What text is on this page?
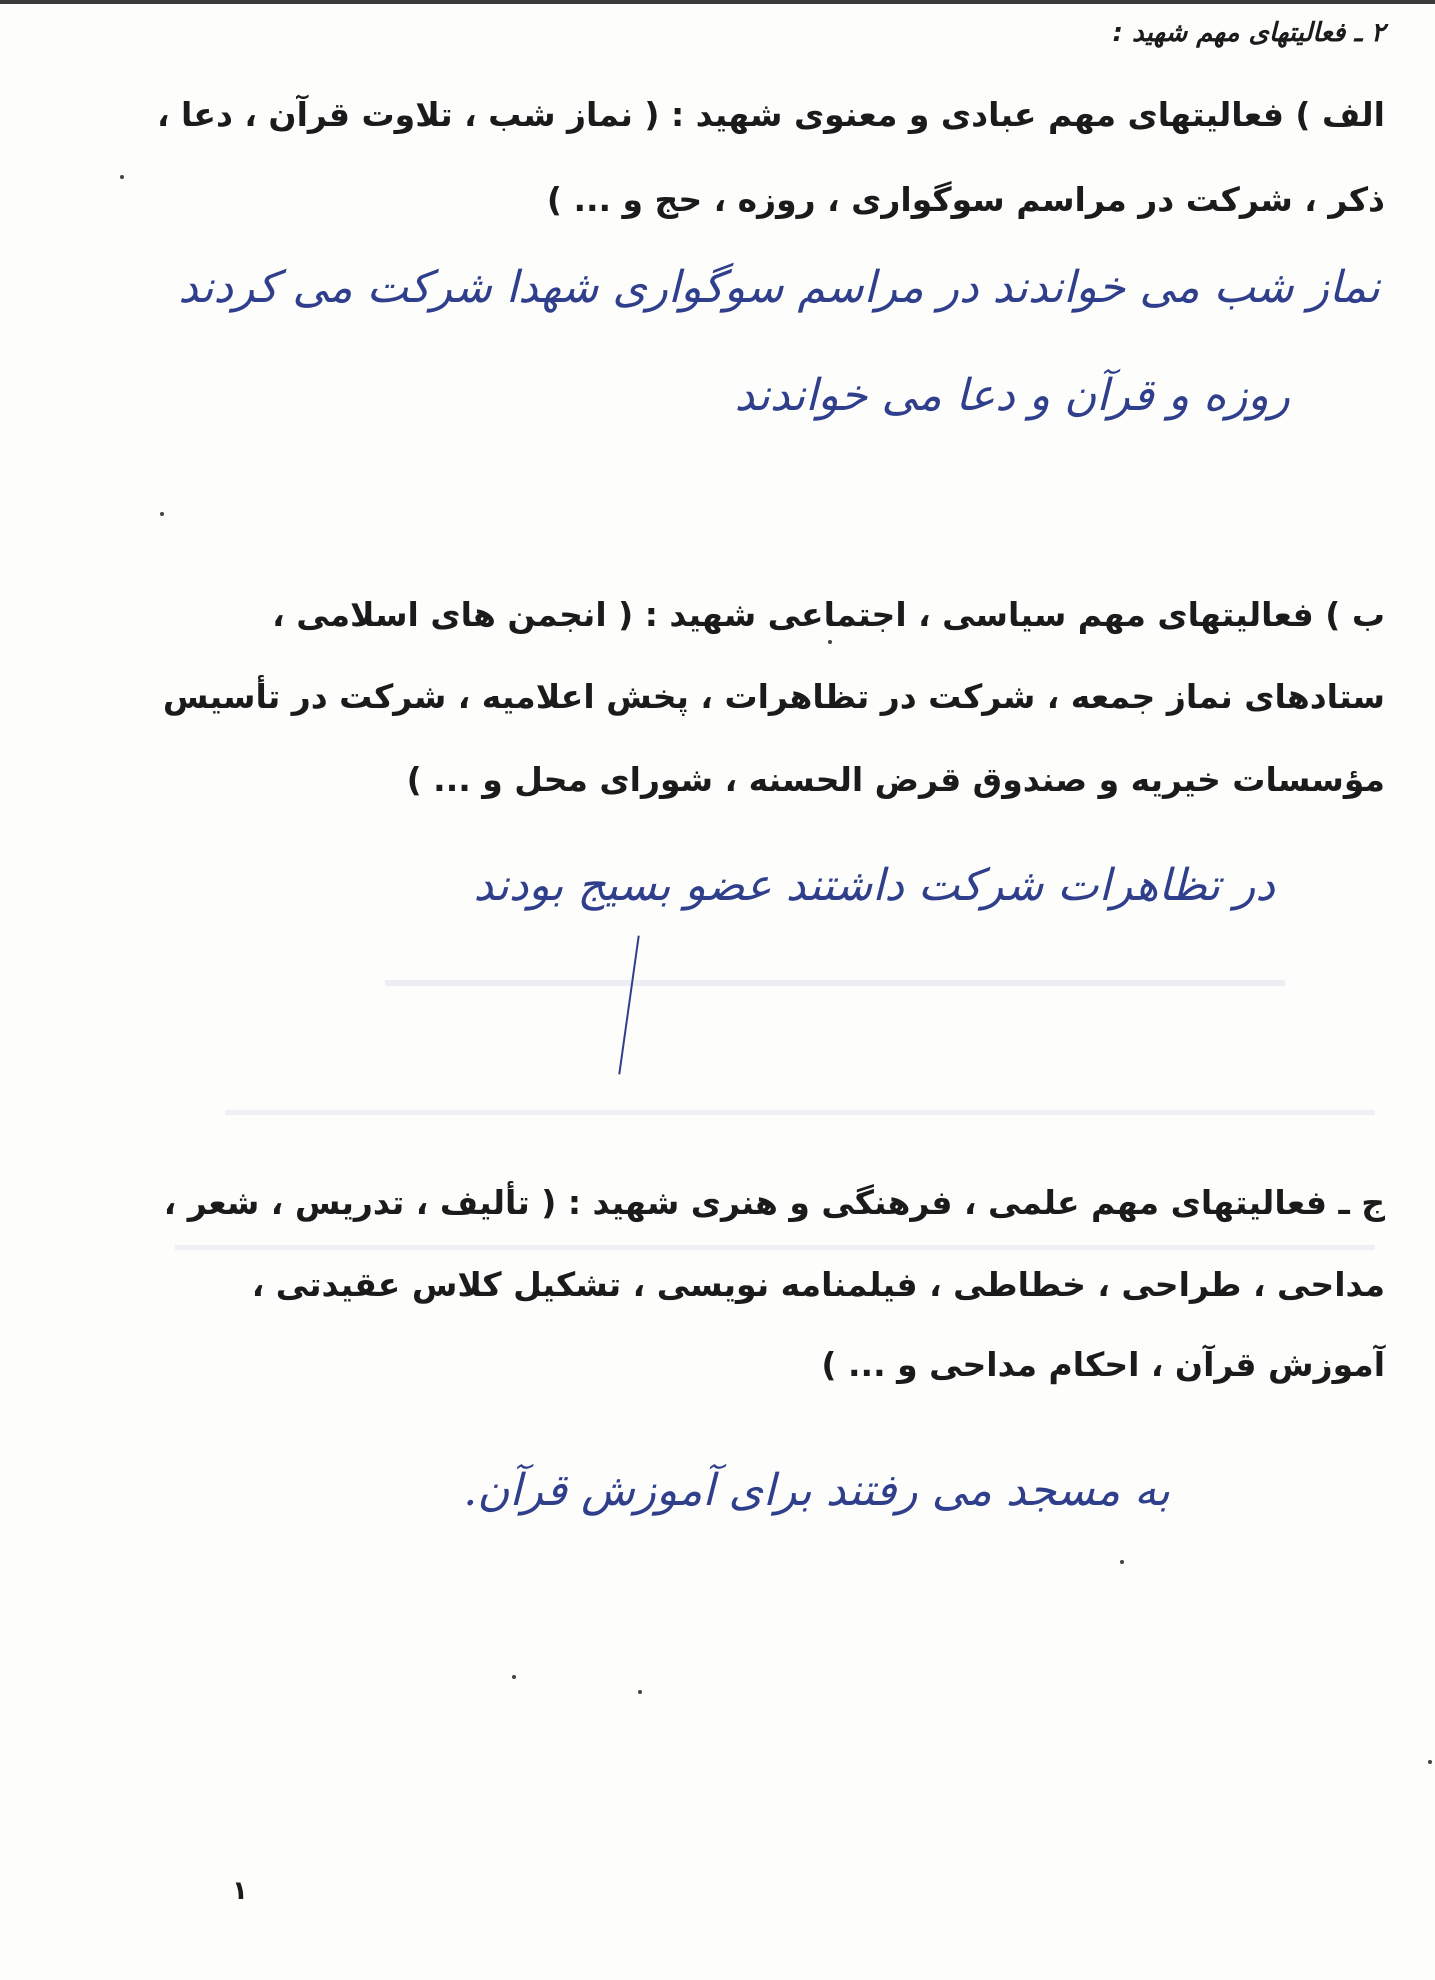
۲ ـ فعالیتهای مهم شهید :
الف ) فعالیتهای مهم عبادی و معنوی شهید : ( نماز شب ، تلاوت قرآن ، دعا ،
ذکر ، شرکت در مراسم سوگواری ، روزه ، حج و ... )
نماز شب می خواندند در مراسم سوگواری شهدا شرکت می کردند
روزه و قرآن و دعا می خواندند
ب ) فعالیتهای مهم سیاسی ، اجتماعی شهید : ( انجمن های اسلامی ،
ستادهای نماز جمعه ، شرکت در تظاهرات ، پخش اعلامیه ، شرکت در تأسیس
مؤسسات خیریه و صندوق قرض الحسنه ، شورای محل و ... )
در تظاهرات شرکت داشتند عضو بسیج بودند
ج ـ فعالیتهای مهم علمی ، فرهنگی و هنری شهید : ( تألیف ، تدریس ، شعر ،
مداحی ، طراحی ، خطاطی ، فیلمنامه نویسی ، تشکیل کلاس عقیدتی ،
آموزش قرآن ، احکام مداحی و ... )
به مسجد می رفتند برای آموزش قرآن.
۱
